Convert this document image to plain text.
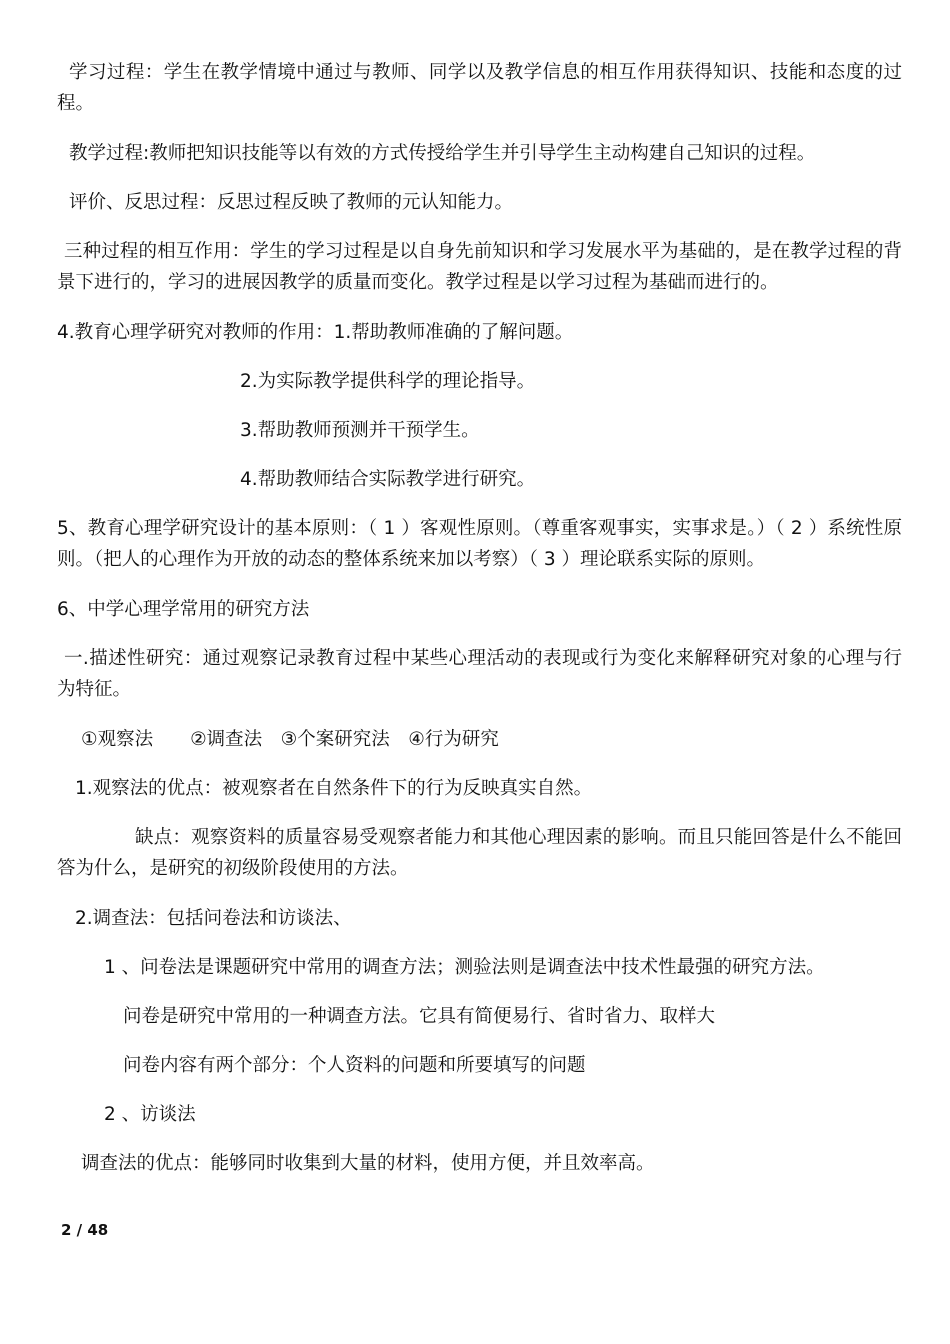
学习过程：学生在教学情境中通过与教师、同学以及教学信息的相互作用获得知识、技能和态度的过程。
教学过程:教师把知识技能等以有效的方式传授给学生并引导学生主动构建自己知识的过程。
评价、反思过程：反思过程反映了教师的元认知能力。
三种过程的相互作用：学生的学习过程是以自身先前知识和学习发展水平为基础的，是在教学过程的背景下进行的，学习的进展因教学的质量而变化。教学过程是以学习过程为基础而进行的。
4.教育心理学研究对教师的作用：1.帮助教师准确的了解问题。
2.为实际教学提供科学的理论指导。
3.帮助教师预测并干预学生。
4.帮助教师结合实际教学进行研究。
5、教育心理学研究设计的基本原则：（ 1 ）客观性原则。（尊重客观事实，实事求是。）（ 2 ）系统性原则。（把人的心理作为开放的动态的整体系统来加以考察）（ 3 ）理论联系实际的原则。
6、中学心理学常用的研究方法
一.描述性研究：通过观察记录教育过程中某些心理活动的表现或行为变化来解释研究对象的心理与行为特征。
①观察法　　②调查法　③个案研究法　④行为研究
1.观察法的优点：被观察者在自然条件下的行为反映真实自然。
缺点：观察资料的质量容易受观察者能力和其他心理因素的影响。而且只能回答是什么不能回答为什么，是研究的初级阶段使用的方法。
2.调查法：包括问卷法和访谈法、
1 、问卷法是课题研究中常用的调查方法；测验法则是调查法中技术性最强的研究方法。
问卷是研究中常用的一种调查方法。它具有简便易行、省时省力、取样大
问卷内容有两个部分：个人资料的问题和所要填写的问题
2 、访谈法
调查法的优点：能够同时收集到大量的材料，使用方便，并且效率高。
2 / 48
